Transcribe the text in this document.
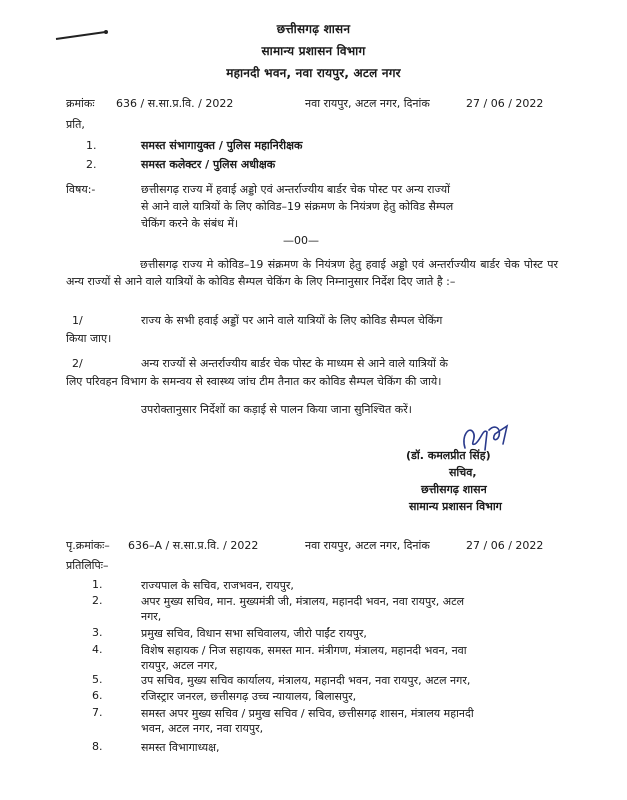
छत्तीसगढ़ शासन
सामान्य प्रशासन विभाग
महानदी भवन, नवा रायपुर, अटल नगर
क्रमांकः 636 / स.सा.प्र.वि. / 2022	नवा रायपुर, अटल नगर, दिनांक	27 / 06 / 2022
प्रति,
1.	समस्त संभागायुक्त / पुलिस महानिरीक्षक
2.	समस्त कलेक्टर / पुलिस अधीक्षक
विषय:-	छत्तीसगढ़ राज्य में हवाई अड्डो एवं अन्तर्राज्यीय बार्डर चेक पोस्ट पर अन्य राज्यों
से आने वाले यात्रियों के लिए कोविड–19 संक्रमण के नियंत्रण हेतु कोविड सैम्पल
चेकिंग करने के संबंध में।
—00—
छत्तीसगढ़ राज्य मे कोविड–19 संक्रमण के नियंत्रण हेतु हवाई अड्डो एवं अन्तर्राज्यीय बार्डर चेक पोस्ट पर अन्य राज्यों से आने वाले यात्रियों के कोविड सैम्पल चेकिंग के लिए निम्नानुसार निर्देश दिए जाते है :–
1/	राज्य के सभी हवाई अड्डों पर आने वाले यात्रियों के लिए कोविड सैम्पल चेकिंग
किया जाए।
2/	अन्य राज्यों से अन्तर्राज्यीय बार्डर चेक पोस्ट के माध्यम से आने वाले यात्रियों के
लिए परिवहन विभाग के समन्वय से स्वास्थ्य जांच टीम तैनात कर कोविड सैम्पल चेकिंग की जाये।
उपरोक्तानुसार निर्देशों का कड़ाई से पालन किया जाना सुनिश्चित करें।
(डॉ. कमलप्रीत सिंह)
सचिव,
छत्तीसगढ़ शासन
सामान्य प्रशासन विभाग
पृ.क्रमांकः– 636–A / स.सा.प्र.वि. / 2022	नवा रायपुर, अटल नगर, दिनांक	27 / 06 / 2022
प्रतिलिपिः–
1.	राज्यपाल के सचिव, राजभवन, रायपुर,
2.	अपर मुख्य सचिव, मान. मुख्यमंत्री जी, मंत्रालय, महानदी भवन, नवा रायपुर, अटल
नगर,
3.	प्रमुख सचिव, विधान सभा सचिवालय, जीरो पाईंट रायपुर,
4.	विशेष सहायक / निज सहायक, समस्त मान. मंत्रीगण, मंत्रालय, महानदी भवन, नवा
रायपुर, अटल नगर,
5.	उप सचिव, मुख्य सचिव कार्यालय, मंत्रालय, महानदी भवन, नवा रायपुर, अटल नगर,
6.	रजिस्ट्रार जनरल, छत्तीसगढ़ उच्च न्यायालय, बिलासपुर,
7.	समस्त अपर मुख्य सचिव / प्रमुख सचिव / सचिव, छत्तीसगढ़ शासन, मंत्रालय महानदी
भवन, अटल नगर, नवा रायपुर,
8.	समस्त विभागाध्यक्ष,
